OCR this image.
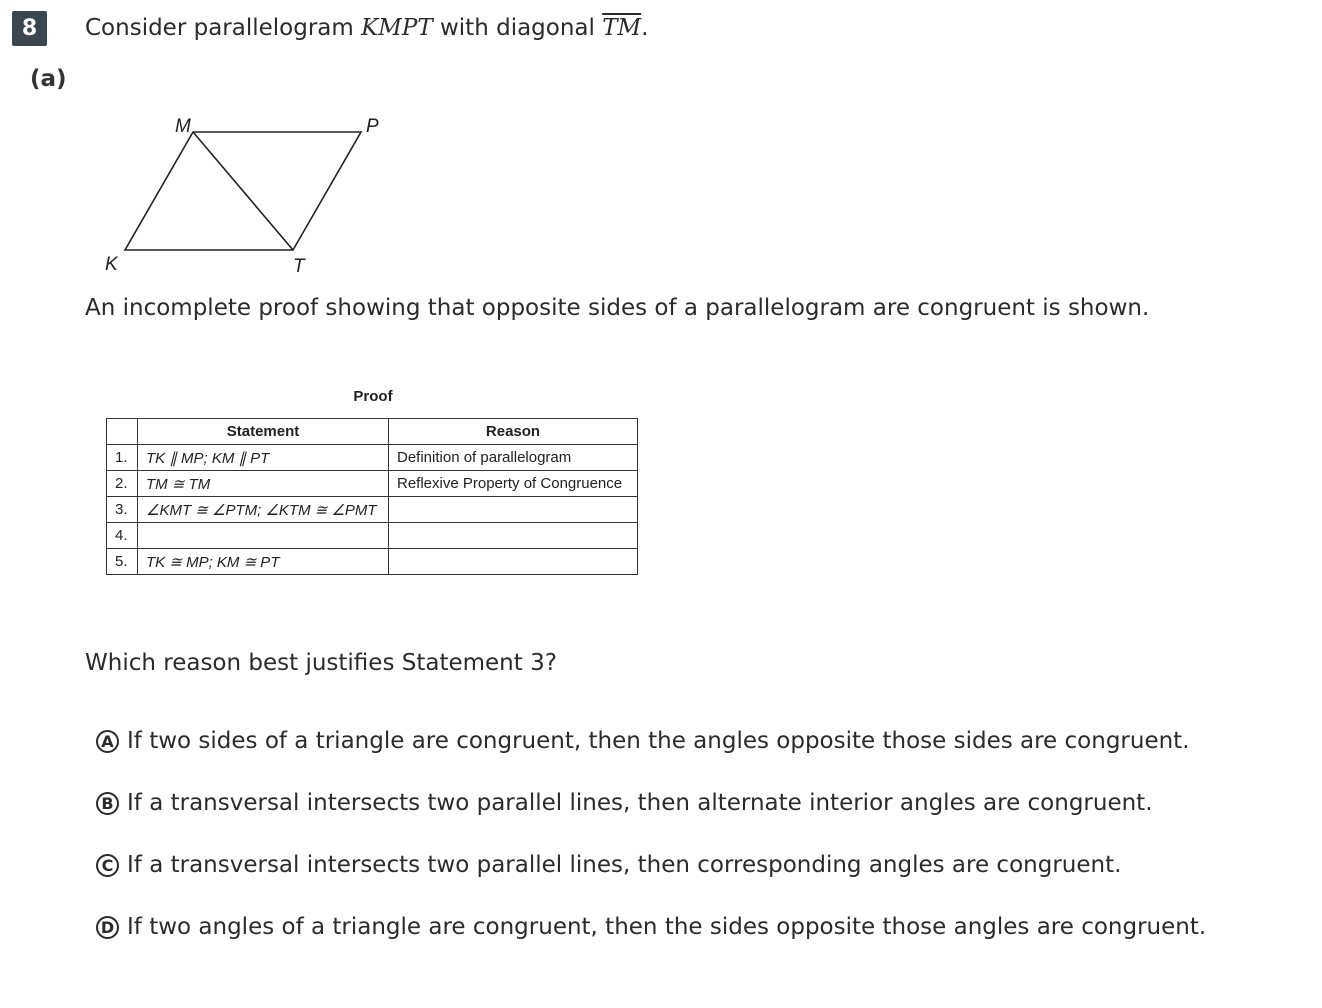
8
(a)
Consider parallelogram KMPT with diagonal $\overline{TM}$.
M	P
K	T
An incomplete proof showing that opposite sides of a parallelogram are congruent is shown.
Proof
	Statement	Reason
1.	TK ∥ MP; KM ∥ PT	Definition of parallelogram
2.	TM ≅ TM	Reflexive Property of Congruence
3.	∠KMT ≅ ∠PTM; ∠KTM ≅ ∠PMT	
4.		
5.	TK ≅ MP; KM ≅ PT	
Which reason best justifies Statement 3?
A If two sides of a triangle are congruent, then the angles opposite those sides are congruent.
B If a transversal intersects two parallel lines, then alternate interior angles are congruent.
C If a transversal intersects two parallel lines, then corresponding angles are congruent.
D If two angles of a triangle are congruent, then the sides opposite those angles are congruent.
